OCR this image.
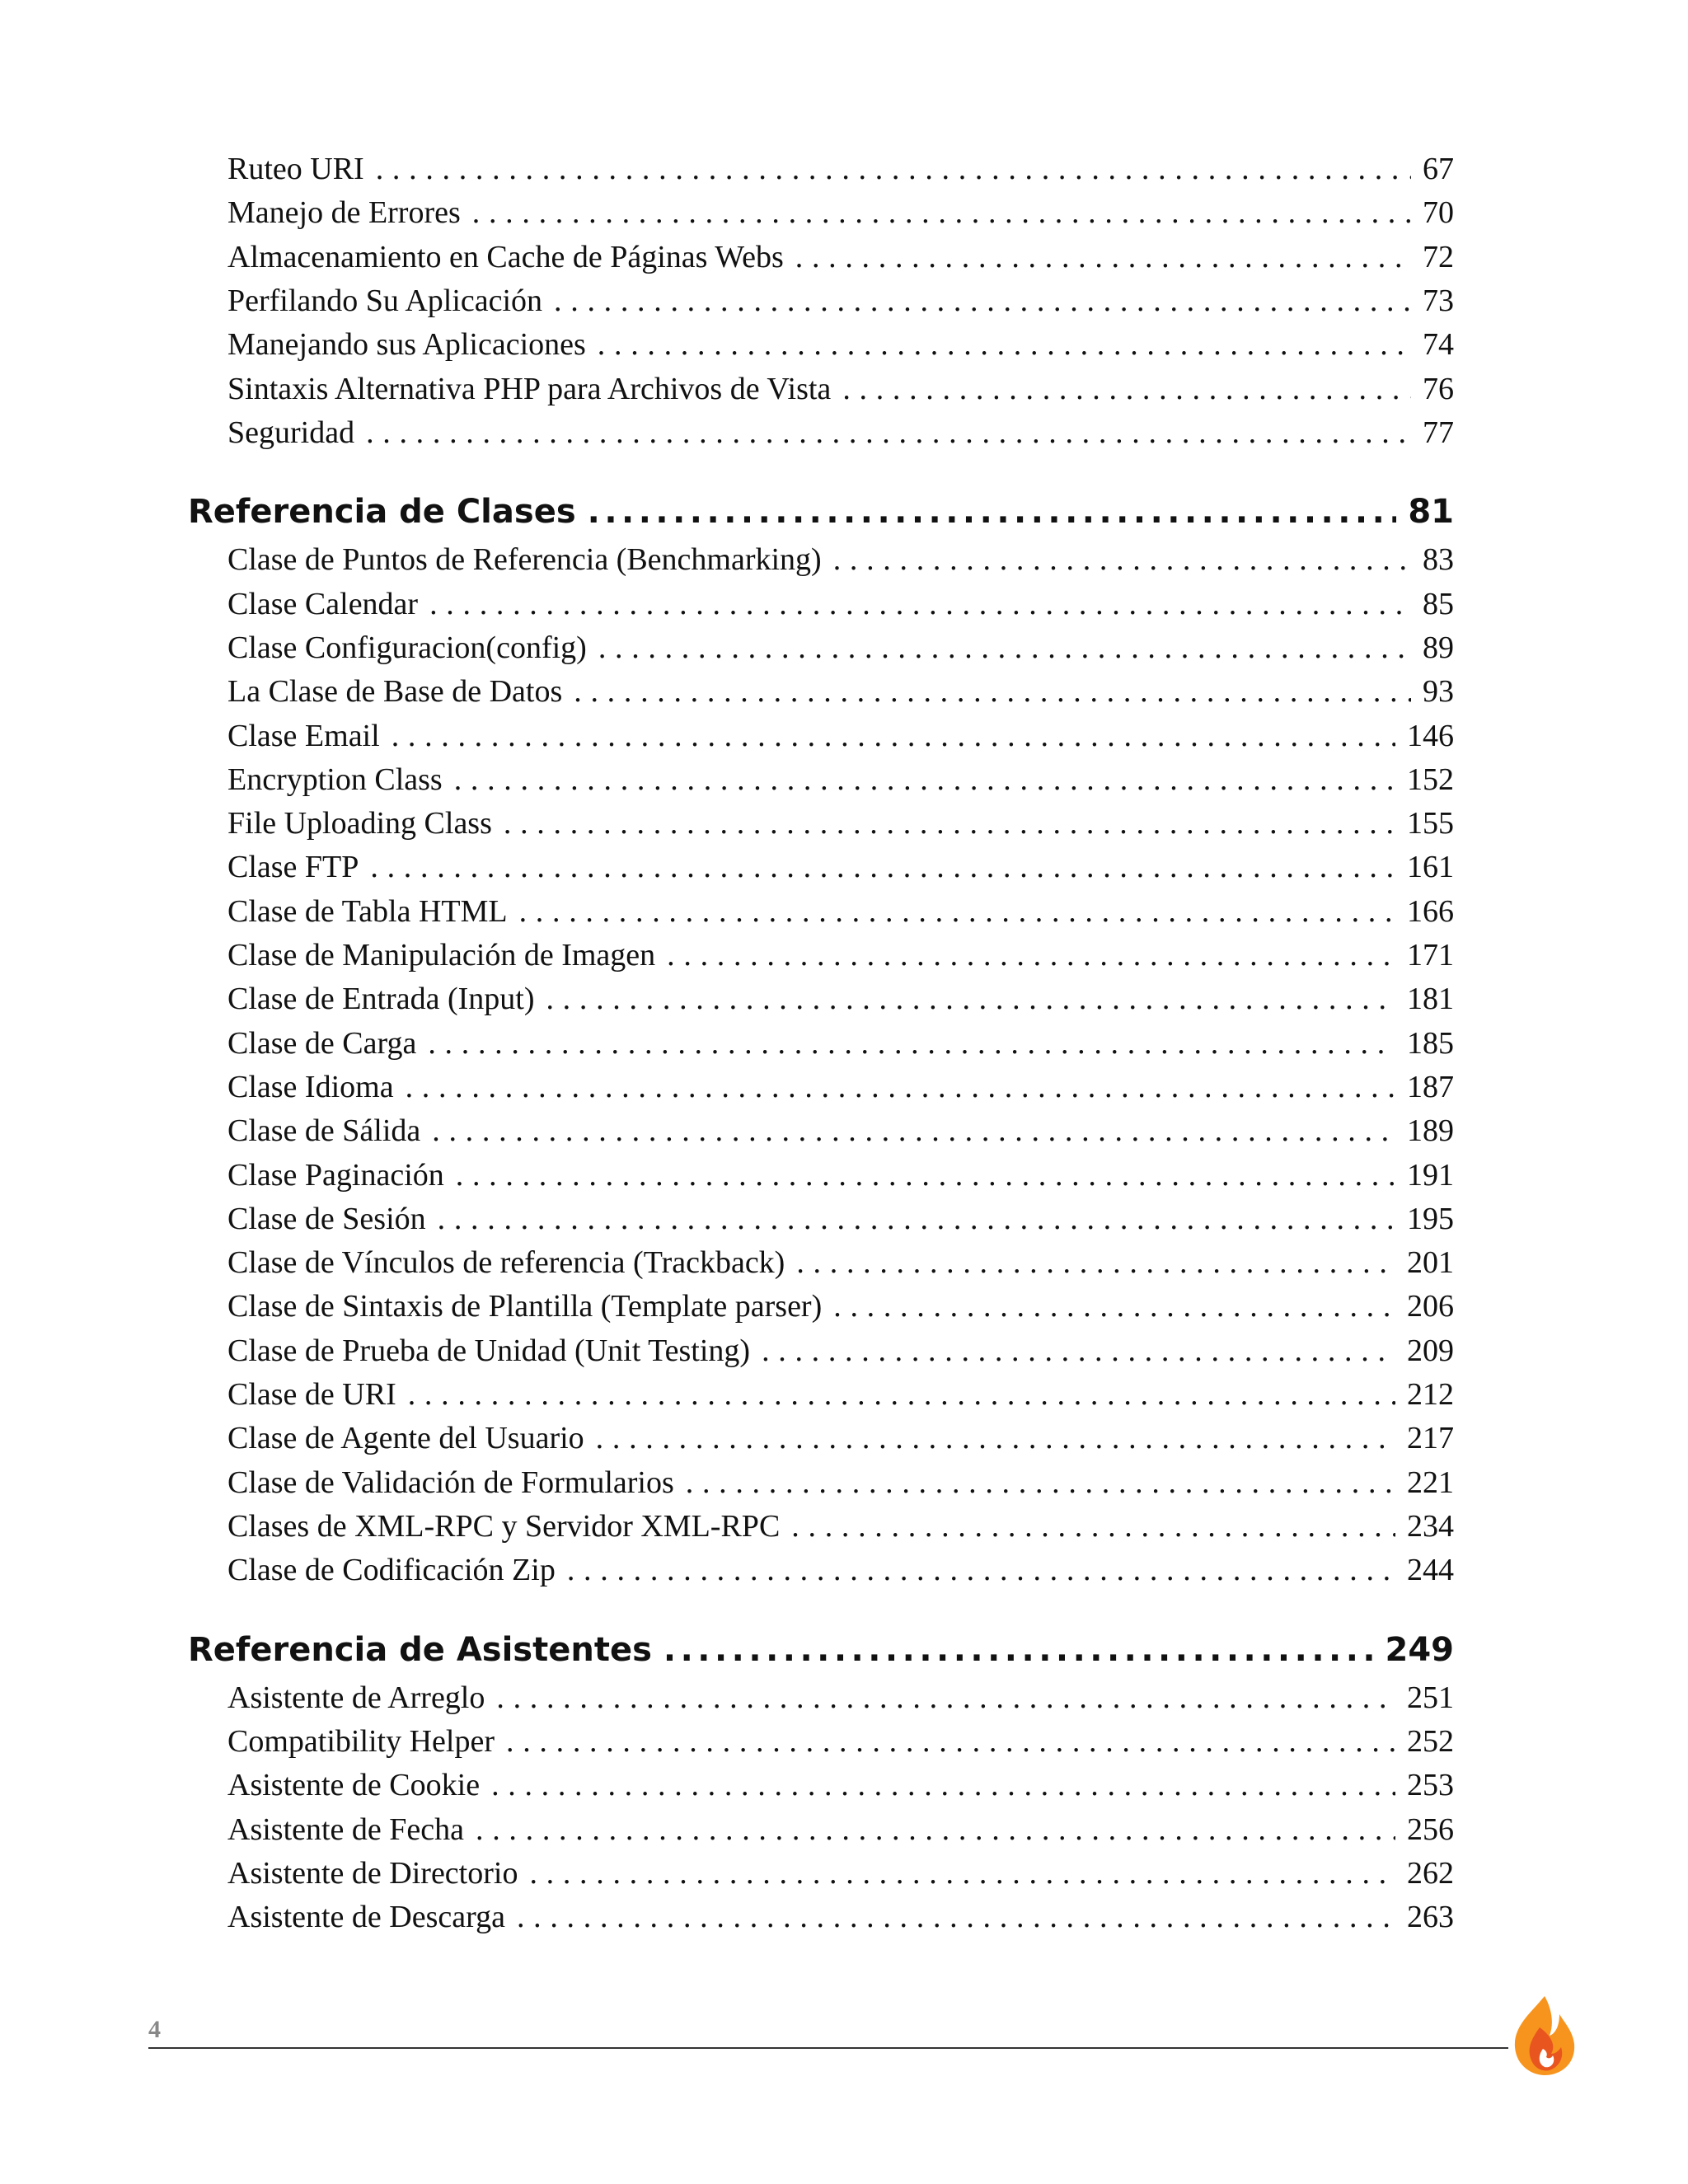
Ruteo URI . . .	67
Manejo de Errores . . .	70
Almacenamiento en Cache de Páginas Webs . . .	72
Perfilando Su Aplicación . . .	73
Manejando sus Aplicaciones . . .	74
Sintaxis Alternativa PHP para Archivos de Vista . . .	76
Seguridad . . .	77
Referencia de Clases .....	81
Clase de Puntos de Referencia (Benchmarking) . . .	83
Clase Calendar . . .	85
Clase Configuracion(config) . . .	89
La Clase de Base de Datos . . .	93
Clase Email . . .	146
Encryption Class . . .	152
File Uploading Class . . .	155
Clase FTP . . .	161
Clase de Tabla HTML . . .	166
Clase de Manipulación de Imagen . . .	171
Clase de Entrada (Input) . . .	181
Clase de Carga . . .	185
Clase Idioma . . .	187
Clase de Sálida . . .	189
Clase Paginación . . .	191
Clase de Sesión . . .	195
Clase de Vínculos de referencia (Trackback) . . .	201
Clase de Sintaxis de Plantilla (Template parser) . . .	206
Clase de Prueba de Unidad (Unit Testing) . . .	209
Clase de URI . . .	212
Clase de Agente del Usuario . . .	217
Clase de Validación de Formularios . . .	221
Clases de XML-RPC y Servidor XML-RPC . . .	234
Clase de Codificación Zip . . .	244
Referencia de Asistentes .....	249
Asistente de Arreglo . . .	251
Compatibility Helper . . .	252
Asistente de Cookie . . .	253
Asistente de Fecha . . .	256
Asistente de Directorio . . .	262
Asistente de Descarga . . .	263
4
